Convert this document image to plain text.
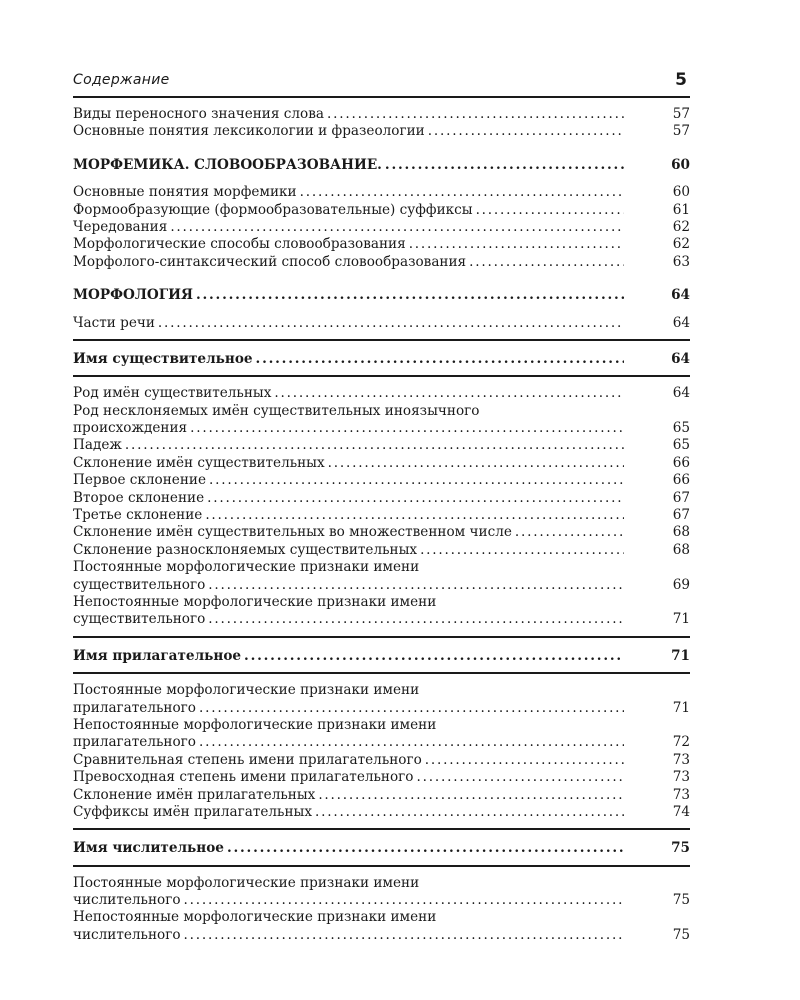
Содержание	5
Виды переносного значения слова .....	57
Основные понятия лексикологии и фразеологии .....	57
МОРФЕМИКА. СЛОВООБРАЗОВАНИЕ. .....	60
Основные понятия морфемики .....	60
Формообразующие (формообразовательные) суффиксы .....	61
Чередования .....	62
Морфологические способы словообразования .....	62
Морфолого-синтаксический способ словообразования .....	63
МОРФОЛОГИЯ .....	64
Части речи .....	64
Имя существительное .....	64
Род имён существительных .....	64
Род несклоняемых имён существительных иноязычного
происхождения .....	65
Падеж .....	65
Склонение имён существительных .....	66
Первое склонение .....	66
Второе склонение .....	67
Третье склонение .....	67
Склонение имён существительных во множественном числе .....	68
Склонение разносклоняемых существительных .....	68
Постоянные морфологические признаки имени
существительного .....	69
Непостоянные морфологические признаки имени
существительного .....	71
Имя прилагательное .....	71
Постоянные морфологические признаки имени
прилагательного .....	71
Непостоянные морфологические признаки имени
прилагательного .....	72
Сравнительная степень имени прилагательного .....	73
Превосходная степень имени прилагательного .....	73
Склонение имён прилагательных .....	73
Суффиксы имён прилагательных .....	74
Имя числительное .....	75
Постоянные морфологические признаки имени
числительного .....	75
Непостоянные морфологические признаки имени
числительного .....	75
